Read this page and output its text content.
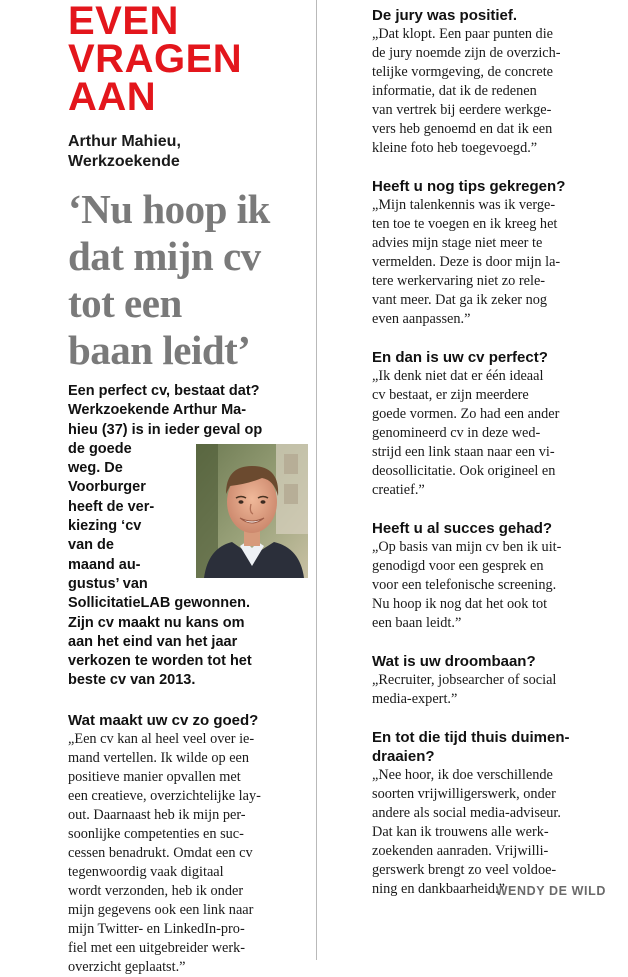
EVEN
VRAGEN
AAN
Arthur Mahieu,
Werkzoekende
‘Nu hoop ik
dat mijn cv
tot een
baan leidt’
Een perfect cv, bestaat dat?
Werkzoekende Arthur Ma-
hieu (37) is in ieder geval op
de goede
weg. De
Voorburger
heeft de ver-
kiezing ‘cv
van de
maand au-
gustus’ van
SollicitatieLAB gewonnen.
Zijn cv maakt nu kans om
aan het eind van het jaar
verkozen te worden tot het
beste cv van 2013.
Wat maakt uw cv zo goed?
„Een cv kan al heel veel over ie-
mand vertellen. Ik wilde op een
positieve manier opvallen met
een creatieve, overzichtelijke lay-
out. Daarnaast heb ik mijn per-
soonlijke competenties en suc-
cessen benadrukt. Omdat een cv
tegenwoordig vaak digitaal
wordt verzonden, heb ik onder
mijn gegevens ook een link naar
mijn Twitter- en LinkedIn-pro-
fiel met een uitgebreider werk-
overzicht geplaatst.”
De jury was positief.
„Dat klopt. Een paar punten die
de jury noemde zijn de overzich-
telijke vormgeving, de concrete
informatie, dat ik de redenen
van vertrek bij eerdere werkge-
vers heb genoemd en dat ik een
kleine foto heb toegevoegd.”
Heeft u nog tips gekregen?
„Mijn talenkennis was ik verge-
ten toe te voegen en ik kreeg het
advies mijn stage niet meer te
vermelden. Deze is door mijn la-
tere werkervaring niet zo rele-
vant meer. Dat ga ik zeker nog
even aanpassen.”
En dan is uw cv perfect?
„Ik denk niet dat er één ideaal
cv bestaat, er zijn meerdere
goede vormen. Zo had een ander
genomineerd cv in deze wed-
strijd een link staan naar een vi-
deosollicitatie. Ook origineel en
creatief.”
Heeft u al succes gehad?
„Op basis van mijn cv ben ik uit-
genodigd voor een gesprek en
voor een telefonische screening.
Nu hoop ik nog dat het ook tot
een baan leidt.”
Wat is uw droombaan?
„Recruiter, jobsearcher of social
media-expert.”
En tot die tijd thuis duimen-
draaien?
„Nee hoor, ik doe verschillende
soorten vrijwilligerswerk, onder
andere als social media-adviseur.
Dat kan ik trouwens alle werk-
zoekenden aanraden. Vrijwilli-
gerswerk brengt zo veel voldoe-
ning en dankbaarheid.”
WENDY DE WILD
